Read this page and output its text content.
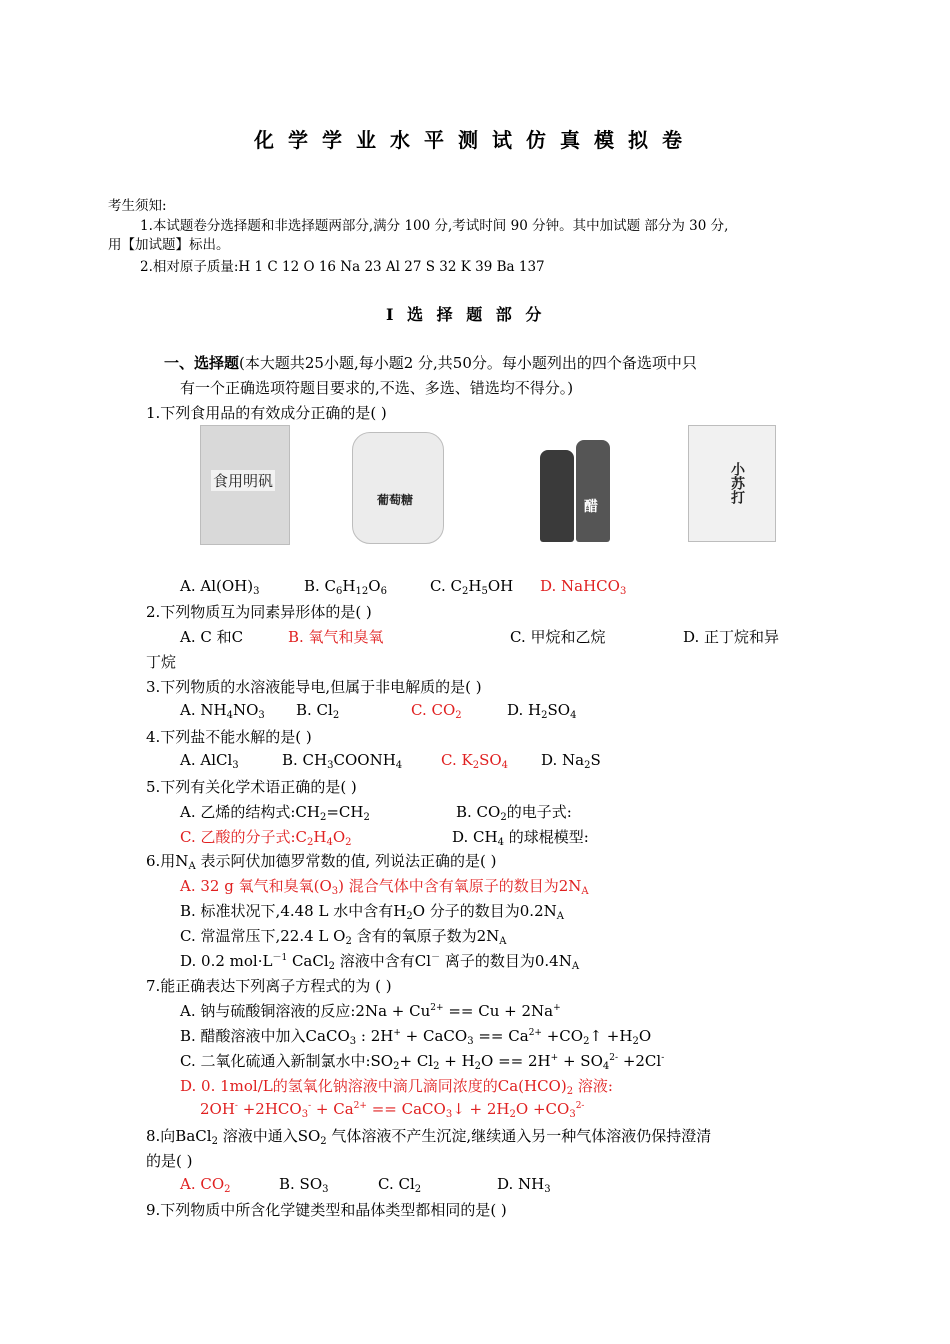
化学学业水平测试仿真模拟卷
考生须知:
1.本试题卷分选择题和非选择题两部分,满分 100 分,考试时间 90 分钟。其中加试题 部分为 30 分,
用【加试题】标出。
2.相对原子质量:H 1 C 12 O 16 Na 23 Al 27 S 32 K 39 Ba 137
I 选 择 题 部 分
一、选择题(本大题共25小题,每小题2 分,共50分。每小题列出的四个备选项中只
有一个正确选项符题目要求的,不选、多选、错选均不得分。)
1.下列食用品的有效成分正确的是( )
食用明矾
葡萄糖	醋
小苏打
A. $Al(OH)_3$	B. $C_6H_{12}O_6$	C. $C_2H_5OH$ D. NaHCO$_3$
2.下列物质互为同素异形体的是( )
A. C 和C	B. 氧气和臭氧	C. 甲烷和乙烷	D. 正丁烷和异
丁烷
3.下列物质的水溶液能导电,但属于非电解质的是( )
A. $NH_4NO_3$ B. $Cl_2$	C. $CO_2$	D. $H_2SO_4$
4.下列盐不能水解的是( )
A. AlCl$_3$	B. $CH_3COONH_4$	C. $K_2SO_4$ D. $Na_2S$
5.下列有关化学术语正确的是( )
A. 乙烯的结构式$:CH_2=CH_2$	B. $CO_2$的电子式:
C. 乙酸的分子式$:C_2H_4O_2$	D. $CH_4$ 的球棍模型:
6.用$N_A$ 表示阿伏加德罗常数的值, 列说法正确的是( )
A. 32 g 氧气和臭氧$(O_3)$ 混合气体中含有氧原子的数目为$2N_A$
B. 标准状况下,4.48 L 水中含有$H_2O$ 分子的数目为$0.2N_A$
C. 常温常压下,22.4 L $O_2$ 含有的氧原子数为$2N_A$
D. 0.2 $mol\cdot L^{-1}$ CaCl$_2$ 溶液中含有Cl－ 离子的数目为$0.4N_A$
7.能正确表达下列离子方程式的为 ( )
A. 钠与硫酸铜溶液的反应:2Na + $Cu^{2+} == Cu + 2Na^+$
B. 醋酸溶液中加入CaCO$_3$ : 2H+ + CaCO$_3$ == $Ca^{2+}$ $+CO_2↑ +H_2O$
C. 二氧化硫通入新制氯水中$:SO_2+ Cl_2 + H_2O == 2H^+ + SO_4^{2-} +2Cl^-$
D. 0. 1mol/L的氢氧化钠溶液中滴几滴同浓度的$Ca(HCO)_2$ 溶液:
$2OH^- +2HCO_3^- + Ca^{2+}$ == CaCO$_3$↓ + $2H_2O +CO_3^{2-}$
8.向BaCl$_2$ 溶液中通入$SO_2$ 气体溶液不产生沉淀,继续通入另一种气体溶液仍保持澄清
的是( )
A. $CO_2$	B. $SO_3$	C. $Cl_2$	D. $NH_3$
9.下列物质中所含化学键类型和晶体类型都相同的是( )
